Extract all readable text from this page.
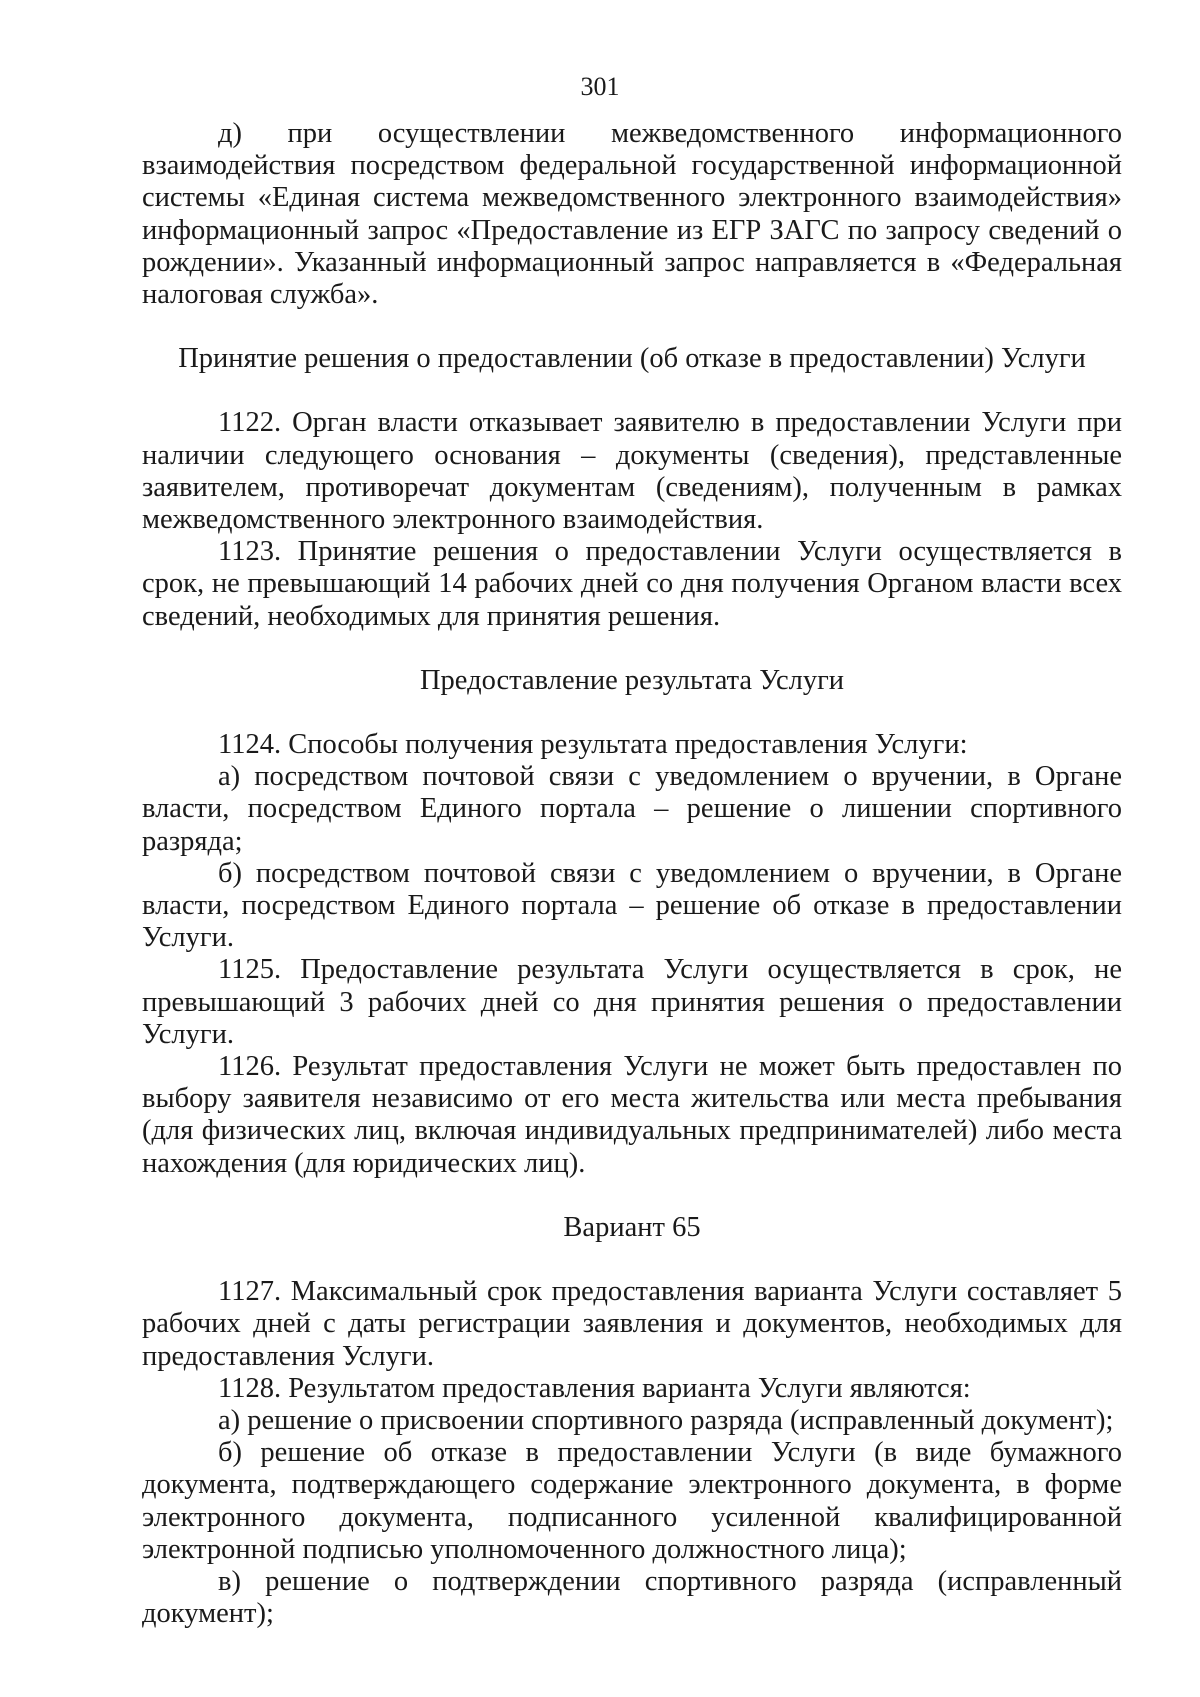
301

д) при осуществлении межведомственного информационного взаимодействия посредством федеральной государственной информационной системы «Единая система межведомственного электронного взаимодействия» информационный запрос «Предоставление из ЕГР ЗАГС по запросу сведений о рождении». Указанный информационный запрос направляется в «Федеральная налоговая служба».

Принятие решения о предоставлении (об отказе в предоставлении) Услуги

1122. Орган власти отказывает заявителю в предоставлении Услуги при наличии следующего основания – документы (сведения), представленные заявителем, противоречат документам (сведениям), полученным в рамках межведомственного электронного взаимодействия.

1123. Принятие решения о предоставлении Услуги осуществляется в срок, не превышающий 14 рабочих дней со дня получения Органом власти всех сведений, необходимых для принятия решения.

Предоставление результата Услуги

1124. Способы получения результата предоставления Услуги:

а) посредством почтовой связи с уведомлением о вручении, в Органе власти, посредством Единого портала – решение о лишении спортивного разряда;

б) посредством почтовой связи с уведомлением о вручении, в Органе власти, посредством Единого портала – решение об отказе в предоставлении Услуги.

1125. Предоставление результата Услуги осуществляется в срок, не превышающий 3 рабочих дней со дня принятия решения о предоставлении Услуги.

1126. Результат предоставления Услуги не может быть предоставлен по выбору заявителя независимо от его места жительства или места пребывания (для физических лиц, включая индивидуальных предпринимателей) либо места нахождения (для юридических лиц).

Вариант 65

1127. Максимальный срок предоставления варианта Услуги составляет 5 рабочих дней с даты регистрации заявления и документов, необходимых для предоставления Услуги.

1128. Результатом предоставления варианта Услуги являются:

а) решение о присвоении спортивного разряда (исправленный документ);

б) решение об отказе в предоставлении Услуги (в виде бумажного документа, подтверждающего содержание электронного документа, в форме электронного документа, подписанного усиленной квалифицированной электронной подписью уполномоченного должностного лица);

в) решение о подтверждении спортивного разряда (исправленный документ);
